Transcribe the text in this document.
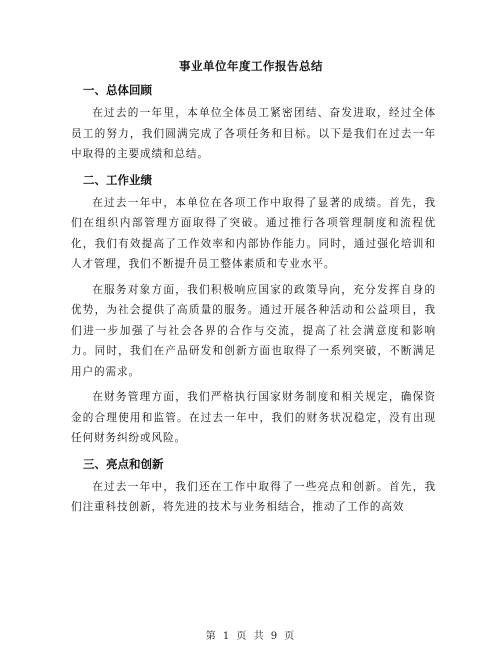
事业单位年度工作报告总结
一、总体回顾

在过去的一年里，本单位全体员工紧密团结、奋发进取，经过全体员工的努力，我们圆满完成了各项任务和目标。以下是我们在过去一年中取得的主要成绩和总结。

二、工作业绩

在过去一年中，本单位在各项工作中取得了显著的成绩。首先，我们在组织内部管理方面取得了突破。通过推行各项管理制度和流程优化，我们有效提高了工作效率和内部协作能力。同时，通过强化培训和人才管理，我们不断提升员工整体素质和专业水平。

在服务对象方面，我们积极响应国家的政策导向，充分发挥自身的优势，为社会提供了高质量的服务。通过开展各种活动和公益项目，我们进一步加强了与社会各界的合作与交流，提高了社会满意度和影响力。同时，我们在产品研发和创新方面也取得了一系列突破，不断满足用户的需求。

在财务管理方面，我们严格执行国家财务制度和相关规定，确保资金的合理使用和监管。在过去一年中，我们的财务状况稳定，没有出现任何财务纠纷或风险。

三、亮点和创新

在过去一年中，我们还在工作中取得了一些亮点和创新。首先，我们注重科技创新，将先进的技术与业务相结合，推动了工作的高效

第 1 页 共 9 页
